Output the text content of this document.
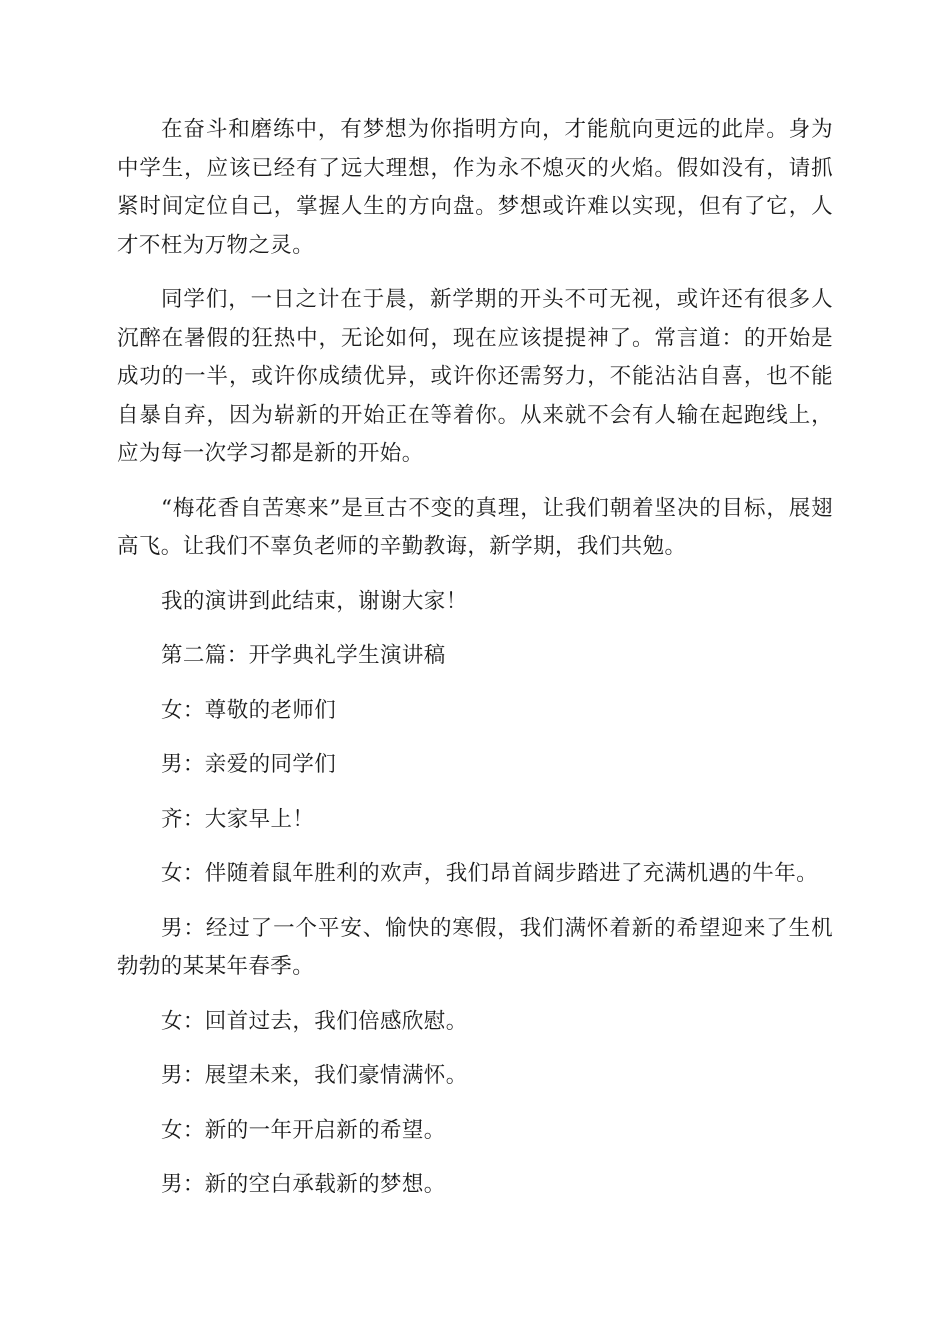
在奋斗和磨练中，有梦想为你指明方向，才能航向更远的此岸。身为中学生，应该已经有了远大理想，作为永不熄灭的火焰。假如没有，请抓紧时间定位自己，掌握人生的方向盘。梦想或许难以实现，但有了它，人才不枉为万物之灵。

同学们，一日之计在于晨，新学期的开头不可无视，或许还有很多人沉醉在暑假的狂热中，无论如何，现在应该提提神了。常言道：的开始是成功的一半，或许你成绩优异，或许你还需努力，不能沾沾自喜，也不能自暴自弃，因为崭新的开始正在等着你。从来就不会有人输在起跑线上，应为每一次学习都是新的开始。

“梅花香自苦寒来”是亘古不变的真理，让我们朝着坚决的目标，展翅高飞。让我们不辜负老师的辛勤教诲，新学期，我们共勉。

我的演讲到此结束，谢谢大家！

第二篇：开学典礼学生演讲稿

女：尊敬的老师们

男：亲爱的同学们

齐：大家早上！

女：伴随着鼠年胜利的欢声，我们昂首阔步踏进了充满机遇的牛年。

男：经过了一个平安、愉快的寒假，我们满怀着新的希望迎来了生机勃勃的某某年春季。

女：回首过去，我们倍感欣慰。

男：展望未来，我们豪情满怀。

女：新的一年开启新的希望。

男：新的空白承载新的梦想。
